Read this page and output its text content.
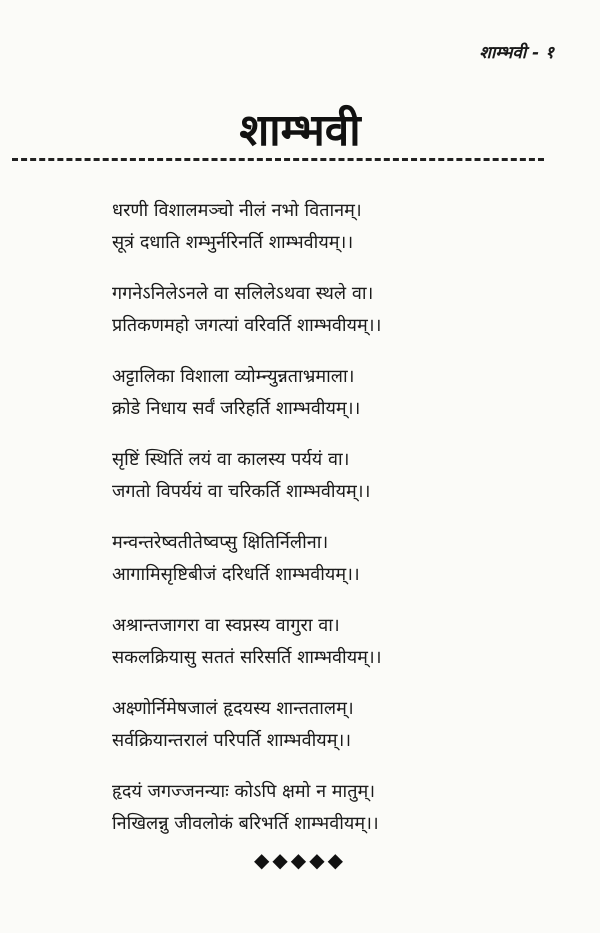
शाम्भवी - १
शाम्भवी
धरणी विशालमञ्चो नीलं नभो वितानम्।
सूत्रं दधाति शम्भुर्नरिनर्ति शाम्भवीयम्।।
गगनेऽनिलेऽनले वा सलिलेऽथवा स्थले वा।
प्रतिकणमहो जगत्यां वरिवर्ति शाम्भवीयम्।।
अट्टालिका विशाला व्योम्न्युन्नताभ्रमाला।
क्रोडे निधाय सर्वं जरिहर्ति शाम्भवीयम्।।
सृष्टिं स्थितिं लयं वा कालस्य पर्ययं वा।
जगतो विपर्ययं वा चरिकर्ति शाम्भवीयम्।।
मन्वन्तरेष्वतीतेष्वप्सु क्षितिर्निलीना।
आगामिसृष्टिबीजं दरिधर्ति शाम्भवीयम्।।
अश्रान्तजागरा वा स्वप्नस्य वागुरा वा।
सकलक्रियासु सततं सरिसर्ति शाम्भवीयम्।।
अक्ष्णोर्निमेषजालं हृदयस्य शान्ततालम्।
सर्वक्रियान्तरालं परिपर्ति शाम्भवीयम्।।
हृदयं जगज्जनन्याः कोऽपि क्षमो न मातुम्।
निखिलन्नु जीवलोकं बरिभर्ति शाम्भवीयम्।।
◆◆◆◆◆
